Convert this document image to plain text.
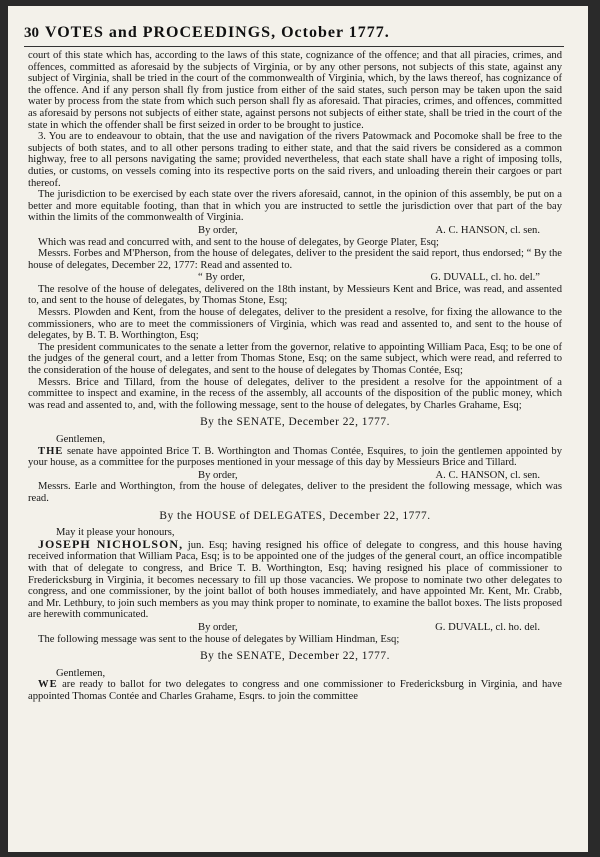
30 VOTES and PROCEEDINGS, October 1777.

court of this state which has, according to the laws of this state, cognizance of the offence; and that all piracies, crimes, and offences, committed as aforesaid by the subjects of Virginia, or by any other persons, not subjects of this state, against any subject of Virginia, shall be tried in the court of the commonwealth of Virginia, which, by the laws thereof, has cognizance of the offence. And if any person shall fly from justice from either of the said states, such person may be taken upon the said water by process from the state from which such person shall fly as aforesaid. That piracies, crimes, and offences, committed as aforesaid by persons not subjects of either state, against persons not subjects of either state, shall be tried in the court of the state in which the offender shall be first seized in order to be brought to justice.

3. You are to endeavour to obtain, that the use and navigation of the rivers Patowmack and Pocomoke shall be free to the subjects of both states, and to all other persons trading to either state, and that the said rivers be considered as a common highway, free to all persons navigating the same; provided nevertheless, that each state shall have a right of imposing tolls, duties, or customs, on vessels coming into its respective ports on the said rivers, and unloading therein their cargoes or part thereof.

The jurisdiction to be exercised by each state over the rivers aforesaid, cannot, in the opinion of this assembly, be put on a better and more equitable footing, than that in which you are instructed to settle the jurisdiction over that part of the bay within the limits of the commonwealth of Virginia.

By order,	A. C. HANSON, cl. sen.

Which was read and concurred with, and sent to the house of delegates, by George Plater, Esq;

Messrs. Forbes and M'Pherson, from the house of delegates, deliver to the president the said report, thus endorsed; “ By the house of delegates, December 22, 1777: Read and assented to.

“ By order,	G. DUVALL, cl. ho. del.”

The resolve of the house of delegates, delivered on the 18th instant, by Messieurs Kent and Brice, was read, and assented to, and sent to the house of delegates, by Thomas Stone, Esq;

Messrs. Plowden and Kent, from the house of delegates, deliver to the president a resolve, for fixing the allowance to the commissioners, who are to meet the commissioners of Virginia, which was read and assented to, and sent to the house of delegates, by B. T. B. Worthington, Esq;

The president communicates to the senate a letter from the governor, relative to appointing William Paca, Esq; to be one of the judges of the general court, and a letter from Thomas Stone, Esq; on the same subject, which were read, and referred to the consideration of the house of delegates, and sent to the house of delegates by Thomas Contée, Esq;

Messrs. Brice and Tillard, from the house of delegates, deliver to the president a resolve for the appointment of a committee to inspect and examine, in the recess of the assembly, all accounts of the disposition of the public money, which was read and assented to, and, with the following message, sent to the house of delegates, by Charles Grahame, Esq;

By the SENATE, December 22, 1777.
Gentlemen,

THE senate have appointed Brice T. B. Worthington and Thomas Contée, Esquires, to join the gentlemen appointed by your house, as a committee for the purposes mentioned in your message of this day by Messieurs Brice and Tillard.

By order,	A. C. HANSON, cl. sen.

Messrs. Earle and Worthington, from the house of delegates, deliver to the president the following message, which was read.

By the HOUSE of DELEGATES, December 22, 1777.
May it please your honours,

JOSEPH NICHOLSON, jun. Esq; having resigned his office of delegate to congress, and this house having received information that William Paca, Esq; is to be appointed one of the judges of the general court, an office incompatible with that of delegate to congress, and Brice T. B. Worthington, Esq; having resigned his place of commissioner to Fredericksburg in Virginia, it becomes necessary to fill up those vacancies. We propose to nominate two other delegates to congress, and one commissioner, by the joint ballot of both houses immediately, and have appointed Mr. Kent, Mr. Crabb, and Mr. Lethbury, to join such members as you may think proper to nominate, to examine the ballot boxes. The lists proposed are herewith communicated.

By order,	G. DUVALL, cl. ho. del.

The following message was sent to the house of delegates by William Hindman, Esq;

By the SENATE, December 22, 1777.
Gentlemen,

WE are ready to ballot for two delegates to congress and one commissioner to Fredericksburg in Virginia, and have appointed Thomas Contée and Charles Grahame, Esqrs. to join the committee
